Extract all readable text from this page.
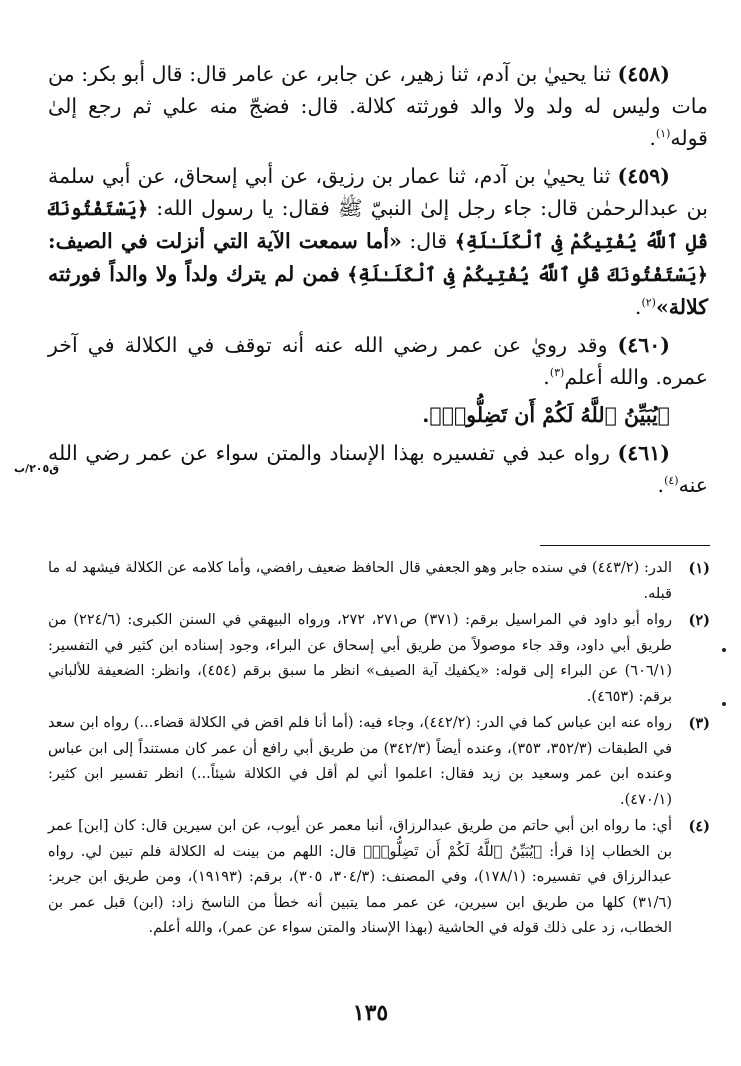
(٤٥٨) ثنا يحييٰ بن آدم، ثنا زهير، عن جابر، عن عامر قال: قال أبو بكر: من مات وليس له ولد ولا والد فورثته كلالة. قال: فضجّ منه علي ثم رجع إلىٰ قوله$^{(١)}$.

(٤٥٩) ثنا يحييٰ بن آدم، ثنا عمار بن رزيق، عن أبي إسحاق، عن أبي سلمة بن عبدالرحمٰن قال: جاء رجل إلىٰ النبيّ ﷺ فقال: يا رسول الله: ﴿يَسْتَفْتُونَكَ قُلِ ٱللَّهُ يُفْتِيكُمْ فِى ٱلْكَلَـٰلَةِ﴾ قال: «أما سمعت الآية التي أنزلت في الصيف: ﴿يَسْتَفْتُونَكَ قُلِ ٱللَّهُ يُفْتِيكُمْ فِى ٱلْكَلَـٰلَةِ﴾ فمن لم يترك ولداً ولا والداً فورثته كلالة»$^{(٢)}$.

(٤٦٠) وقد رويٰ عن عمر رضي الله عنه أنه توقف في الكلالة في آخر عمره. والله أعلم$^{(٣)}$.

﴿يُبَيِّنُ ٱللَّهُ لَكُمْ أَن تَضِلُّوا۟﴾.

(٤٦١) رواه عبد في تفسيره بهذا الإسناد والمتن سواء عن عمر رضي الله عنه$^{(٤)}$.

ق٢٠٥/ب
(١)
الدر: (٤٤٣/٢) في سنده جابر وهو الجعفي قال الحافظ ضعيف رافضي، وأما كلامه عن الكلالة فيشهد له ما قبله.
(٢)
رواه أبو داود في المراسيل برقم: (٣٧١) ص٢٧١، ٢٧٢، ورواه البيهقي في السنن الكبرى: (٢٢٤/٦) من طريق أبي داود، وقد جاء موصولاً من طريق أبي إسحاق عن البراء، وجود إسناده ابن كثير في التفسير: (٦٠٦/١) عن البراء إلى قوله: «يكفيك آية الصيف» انظر ما سبق برقم (٤٥٤)، وانظر: الضعيفة للألباني برقم: (٤٦٥٣).
(٣)
رواه عنه ابن عباس كما في الدر: (٤٤٢/٢)، وجاء فيه: (أما أنا فلم اقض في الكلالة قضاء...) رواه ابن سعد في الطبقات (٣٥٢/٣، ٣٥٣)، وعنده أيضاً (٣٤٢/٣) من طريق أبي رافع أن عمر كان مستنداً إلى ابن عباس وعنده ابن عمر وسعيد بن زيد فقال: اعلموا أني لم أقل في الكلالة شيئاً...) انظر تفسير ابن كثير: (٤٧٠/١).
(٤)
أي: ما رواه ابن أبي حاتم من طريق عبدالرزاق، أنبا معمر عن أيوب، عن ابن سيرين قال: كان [ابن] عمر بن الخطاب إذا قرأ: ﴿يُبَيِّنُ ٱللَّهُ لَكُمْ أَن تَضِلُّوا۟﴾ قال: اللهم من بينت له الكلالة فلم تبين لي. رواه عبدالرزاق في تفسيره: (١٧٨/١)، وفي المصنف: (٣٠٤/٣، ٣٠٥)، برقم: (١٩١٩٣)، ومن طريق ابن جرير: (٣١/٦) كلها من طريق ابن سيرين، عن عمر مما يتبين أنه خطأ من الناسخ زاد: (ابن) قبل عمر بن الخطاب، زد على ذلك قوله في الحاشية (بهذا الإسناد والمتن سواء عن عمر)، والله أعلم.
١٣٥
